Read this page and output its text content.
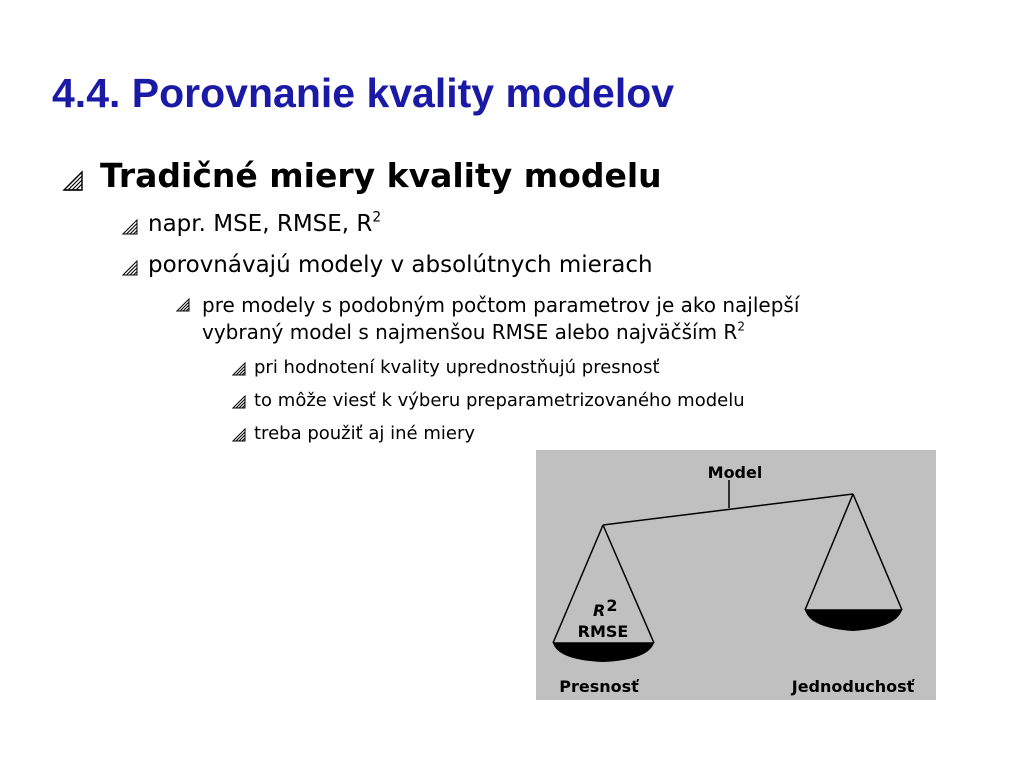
4.4. Porovnanie kvality modelov
Tradičné miery kvality modelu
napr. MSE, RMSE, $R^2$
porovnávajú modely v absolútnych mierach
pre modely s podobným počtom parametrov je ako najlepší
vybraný model s najmenšou RMSE alebo najväčším $R^2$
pri hodnotení kvality uprednostňujú presnosť
to môže viesť k výberu preparametrizovaného modelu
treba použiť aj iné miery
Model
R2
RMSE
Presnosť	Jednoduchosť
